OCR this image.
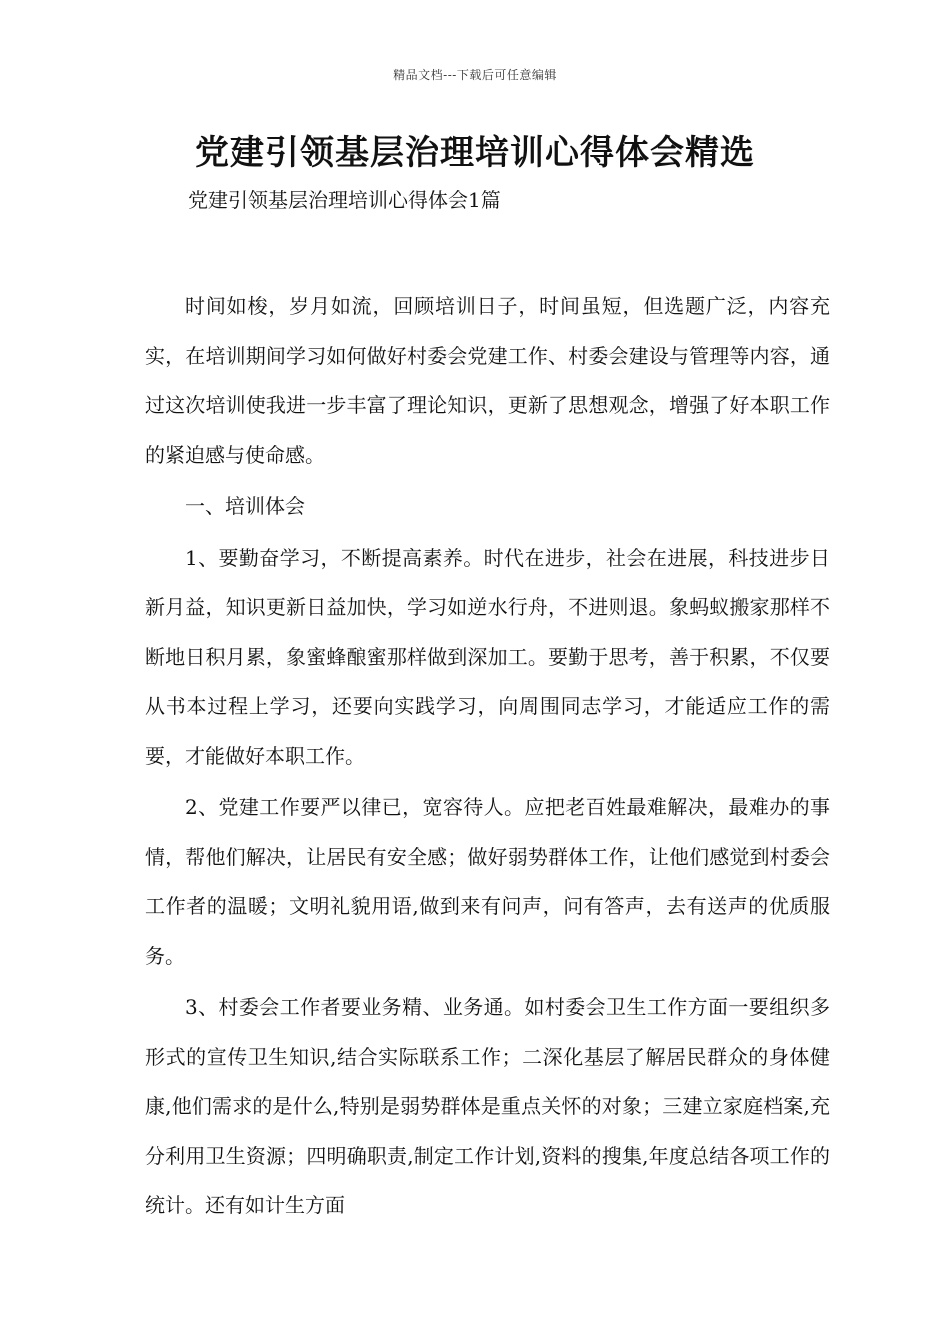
精品文档---下载后可任意编辑
党建引领基层治理培训心得体会精选
党建引领基层治理培训心得体会1篇

时间如梭，岁月如流，回顾培训日子，时间虽短，但选题广泛，内容充实，在培训期间学习如何做好村委会党建工作、村委会建设与管理等内容，通过这次培训使我进一步丰富了理论知识，更新了思想观念，增强了好本职工作的紧迫感与使命感。

一、培训体会

1、要勤奋学习，不断提高素养。时代在进步，社会在进展，科技进步日新月益，知识更新日益加快，学习如逆水行舟，不进则退。象蚂蚁搬家那样不断地日积月累，象蜜蜂酿蜜那样做到深加工。要勤于思考，善于积累，不仅要从书本过程上学习，还要向实践学习，向周围同志学习，才能适应工作的需要，才能做好本职工作。

2、党建工作要严以律已，宽容待人。应把老百姓最难解决，最难办的事情，帮他们解决，让居民有安全感；做好弱势群体工作，让他们感觉到村委会工作者的温暖；文明礼貌用语,做到来有问声，问有答声，去有送声的优质服务。

3、村委会工作者要业务精、业务通。如村委会卫生工作方面一要组织多形式的宣传卫生知识,结合实际联系工作；二深化基层了解居民群众的身体健康,他们需求的是什么,特别是弱势群体是重点关怀的对象；三建立家庭档案,充分利用卫生资源；四明确职责,制定工作计划,资料的搜集,年度总结各项工作的统计。还有如计生方面
